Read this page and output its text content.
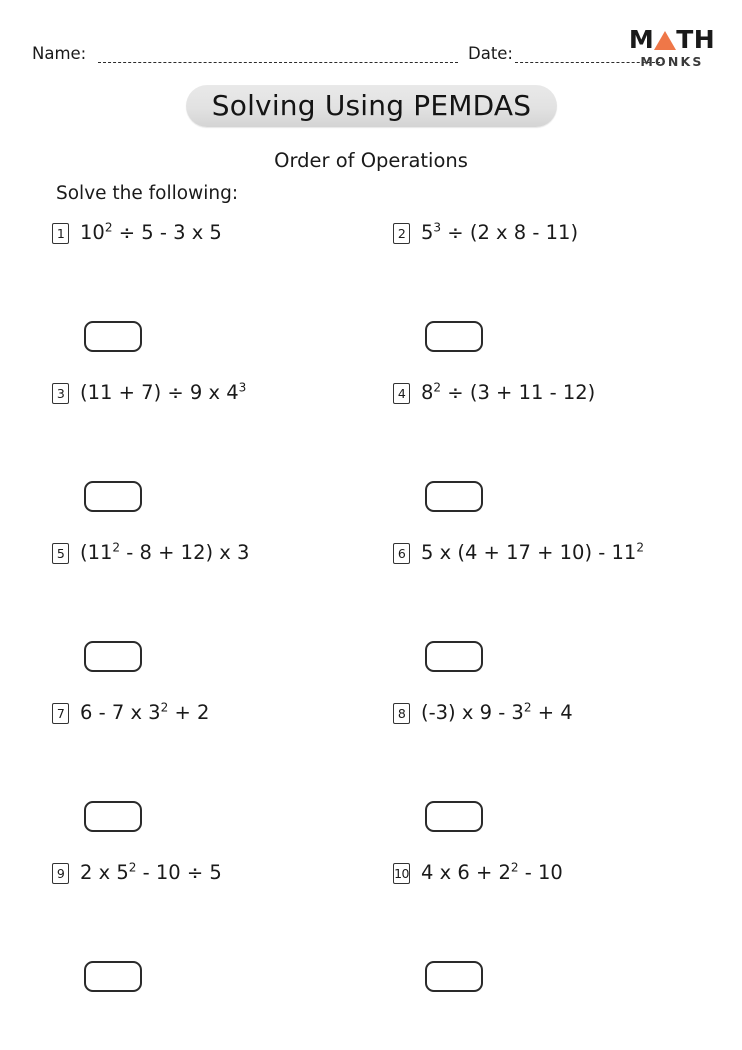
Name:	Date:	M TH
MONKS
Solving Using PEMDAS
Order of Operations
Solve the following:
1 $10^2 \div 5 - 3$ x 5	2 $5^3 \div (2$ x 8 - 11)
3 (11 + 7) ÷ 9 x $4^3$	4 $8^2 \div (3 + 11 - 12)$
5 $(11^2 - 8 + 12)$ x 3	6 5 x $(4 + 17 + 10) - 11^2$
7 6 - 7 x $3^2 + 2$	8 (-3) x $9 - 3^2 + 4$
9 2 x $5^2 - 10 \div 5$	10 4 x $6 + 2^2 - 10$
